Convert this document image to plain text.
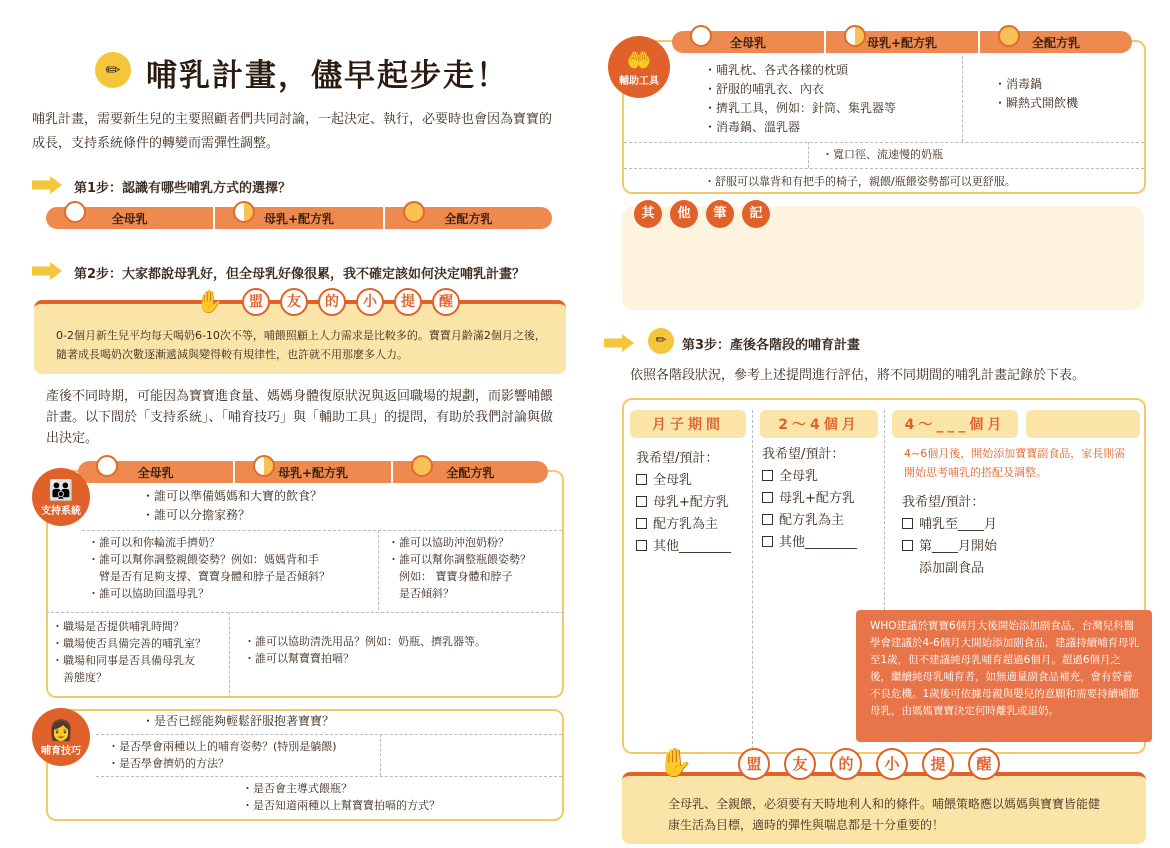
✏ 哺乳計畫，儘早起步走！
哺乳計畫，需要新生兒的主要照顧者們共同討論，一起決定、執行，必要時也會因為寶寶的成長，支持系統條件的轉變而需彈性調整。
第1步：認識有哪些哺乳方式的選擇？
全母乳	母乳+配方乳	全配方乳
第2步：大家都說母乳好，但全母乳好像很累，我不確定該如何決定哺乳計畫？
0-2個月新生兒平均每天喝奶6-10次不等，哺餵照顧上人力需求是比較多的。寶寶月齡滿2個月之後，隨著成長喝奶次數逐漸遞減與變得較有規律性，也許就不用那麼多人力。
✋	盟	友	的	小	提	醒
產後不同時期，可能因為寶寶進食量、媽媽身體復原狀況與返回職場的規劃，而影響哺餵計畫。以下間於「支持系統」、「哺育技巧」與「輔助工具」的提問，有助於我們討論與做出決定。
全母乳	母乳+配方乳	全配方乳
👪
支持系統
・誰可以準備媽媽和大寶的飲食？
・誰可以分擔家務？
・誰可以和你輪流手擠奶？
・誰可以幫你調整親餵姿勢？例如：媽媽背和手
　臂是否有足夠支撐、寶寶身體和脖子是否傾斜？
・誰可以協助回溫母乳？
・誰可以協助沖泡奶粉？
・誰可以幫你調整瓶餵姿勢？
　例如： 寶寶身體和脖子
　是否傾斜？
・職場是否提供哺乳時間？
・職場使否具備完善的哺乳室？
・職場和同事是否具備母乳友
　善態度？
・誰可以協助清洗用品？例如：奶瓶、擠乳器等。
・誰可以幫寶寶拍嗝？
👩
哺育技巧
・是否已經能夠輕鬆舒服抱著寶寶？
・是否學會兩種以上的哺育姿勢？(特別是躺餵)
・是否學會擠奶的方法？
・是否會主導式餵瓶？
・是否知道兩種以上幫寶寶拍嗝的方式？
全母乳	母乳+配方乳	全配方乳
🤲
輔助工具
・哺乳枕、各式各樣的枕頭
・舒服的哺乳衣、內衣
・擠乳工具，例如：針筒、集乳器等
・消毒鍋、溫乳器
・消毒鍋
・瞬熱式開飲機
・寬口徑、流速慢的奶瓶
・舒服可以靠背和有把手的椅子，親餵/瓶餵姿勢都可以更舒服。
其	他	筆	記
✏	第3步：產後各階段的哺育計畫
依照各階段狀況，參考上述提問進行評估，將不同期間的哺乳計畫記錄於下表。
月子期間	2～4個月	4～___個月
我希望/預計：
全母乳
母乳+配方乳
配方乳為主
其他________
我希望/預計：
全母乳
母乳+配方乳
配方乳為主
其他________
4~6個月後，開始添加寶寶副食品，家長則需開始思考哺乳的搭配及調整。
我希望/預計：
哺乳至____月
第____月開始
添加副食品
WHO建議於寶寶6個月大後開始添加副食品，台灣兒科醫學會建議於4-6個月大開始添加副食品，建議持續哺育母乳至1歲，但不建議純母乳哺育超過6個月。超過6個月之後，繼續純母乳哺育者，如無適量副食品補充，會有營養不良危機。1歲後可依據母親與嬰兒的意願和需要持續哺餵母乳，由媽媽寶寶決定何時離乳或退奶。
全母乳、全親餵，必須要有天時地利人和的條件。哺餵策略應以媽媽與寶寶皆能健康生活為目標，適時的彈性與喘息都是十分重要的！
✋	盟	友	的	小	提	醒
